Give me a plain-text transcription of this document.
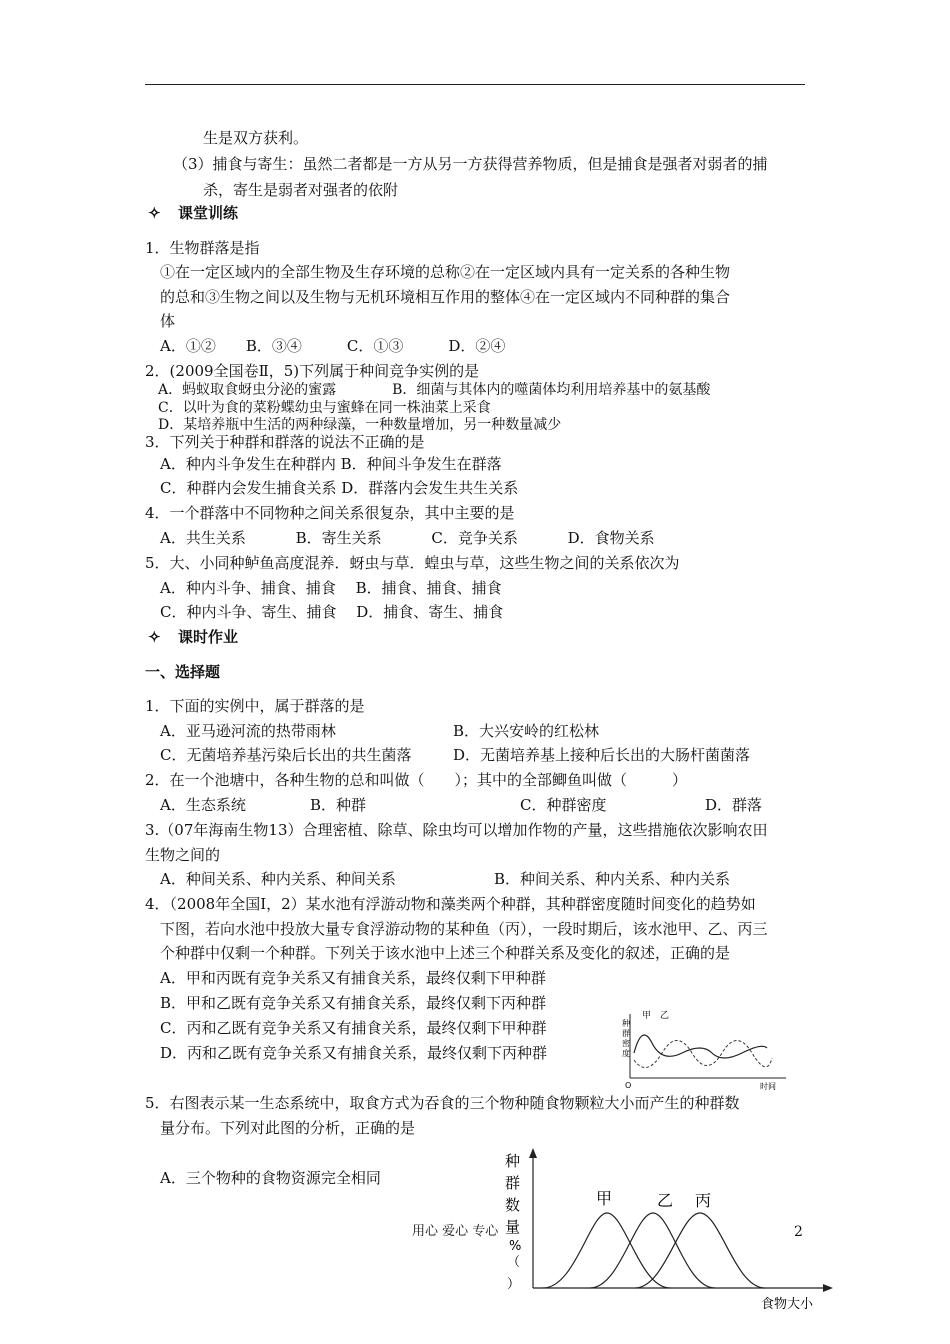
生是双方获利。
（3）捕食与寄生：虽然二者都是一方从另一方获得营养物质，但是捕食是强者对弱者的捕
杀，寄生是弱者对强者的依附
✧ 课堂训练
1．生物群落是指
①在一定区域内的全部生物及生存环境的总称②在一定区域内具有一定关系的各种生物
的总和③生物之间以及生物与无机环境相互作用的整体④在一定区域内不同种群的集合
体
A．①②　　B．③④　　　C．①③　　　D．②④
2．(2009全国卷Ⅱ，5)下列属于种间竞争实例的是
A．蚂蚁取食蚜虫分泌的蜜露　　　　B．细菌与其体内的噬菌体均利用培养基中的氨基酸
C．以叶为食的菜粉蝶幼虫与蜜蜂在同一株油菜上采食
D．某培养瓶中生活的两种绿藻，一种数量增加，另一种数量减少
3．下列关于种群和群落的说法不正确的是
A．种内斗争发生在种群内 B．种间斗争发生在群落
C．种群内会发生捕食关系 D．群落内会发生共生关系
4．一个群落中不同物种之间关系很复杂，其中主要的是
A．共生关系　　　 B．寄生关系　　　 C．竞争关系　　　 D．食物关系
5．大、小同种鲈鱼高度混养．蚜虫与草．蝗虫与草，这些生物之间的关系依次为
A．种内斗争、捕食、捕食　 B．捕食、捕食、捕食
C．种内斗争、寄生、捕食　 D．捕食、寄生、捕食
✧ 课时作业
一、选择题
1．下面的实例中，属于群落的是
A．亚马逊河流的热带雨林	B．大兴安岭的红松林
C．无菌培养基污染后长出的共生菌落	D．无菌培养基上接种后长出的大肠杆菌菌落
2．在一个池塘中，各种生物的总和叫做（　　）；其中的全部鲫鱼叫做（　　　）
A．生态系统	B．种群	C．种群密度	D．群落
3.（07年海南生物13）合理密植、除草、除虫均可以增加作物的产量，这些措施依次影响农田
生物之间的
A．种间关系、种内关系、种间关系	B．种间关系、种内关系、种内关系
4．（2008年全国Ⅰ，2）某水池有浮游动物和藻类两个种群，其种群密度随时间变化的趋势如
下图，若向水池中投放大量专食浮游动物的某种鱼（丙），一段时期后，该水池甲、乙、丙三
个种群中仅剩一个种群。下列关于该水池中上述三个种群关系及变化的叙述，正确的是
A．甲和丙既有竞争关系又有捕食关系，最终仅剩下甲种群
B．甲和乙既有竞争关系又有捕食关系，最终仅剩下丙种群
C．丙和乙既有竞争关系又有捕食关系，最终仅剩下甲种群
D．丙和乙既有竞争关系又有捕食关系，最终仅剩下丙种群
5．右图表示某一生态系统中，取食方式为吞食的三个物种随食物颗粒大小而产生的种群数
量分布。下列对此图的分析，正确的是
A．三个物种的食物资源完全相同
种
群
密
度
甲 乙
O	时间
种
群
数
量
%
（
）
甲	乙 丙
食物大小
用心 爱心 专心	2
